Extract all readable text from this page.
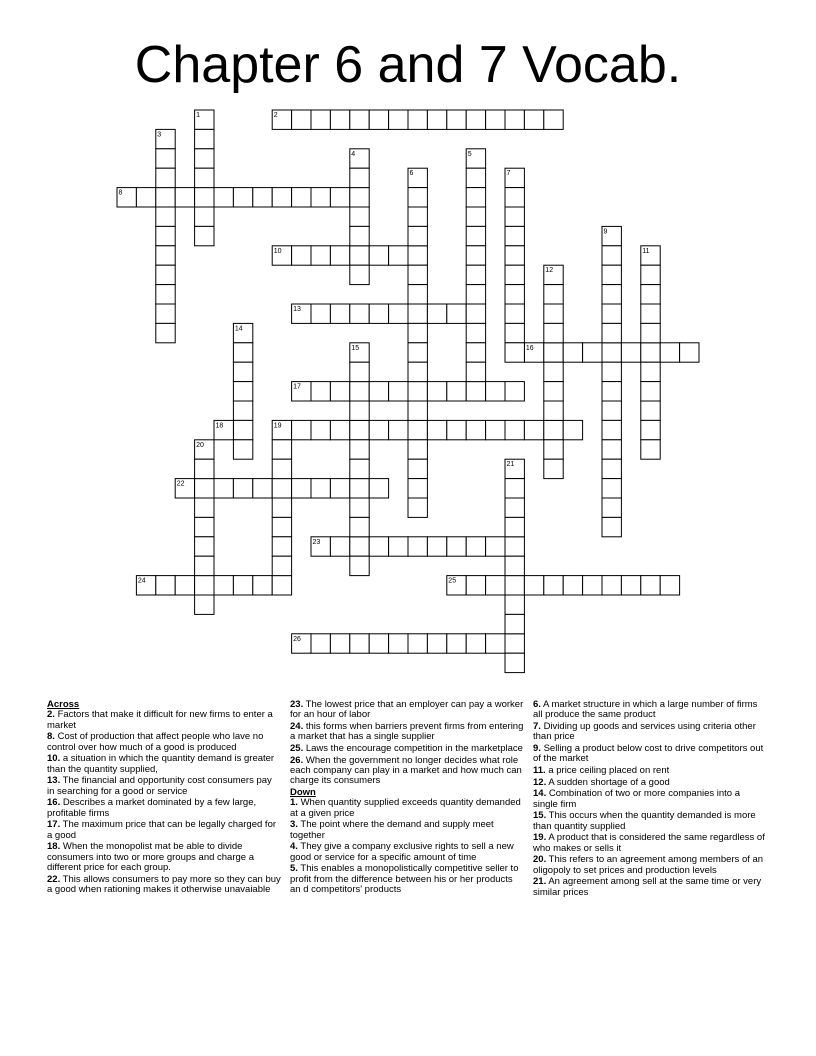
Chapter 6 and 7 Vocab.
2
8
10
13
16
17
19
22
23
24	25
26
1
3
4	5
6	7
9
11
12
14
15
18
20
21
Across
2. Factors that make it difficult for new firms to enter a market
8. Cost of production that affect people who lave no control over how much of a good is produced
10. a situation in which the quantity demand is greater than the quantity supplied,
13. The financial and opportunity cost consumers pay in searching for a good or service
16. Describes a market dominated by a few large, profitable firms
17. The maximum price that can be legally charged for a good
18. When the monopolist mat be able to divide consumers into two or more groups and charge a different price for each group.
22. This allows consumers to pay more so they can buy a good when rationing makes it otherwise unavaiable
23. The lowest price that an employer can pay a worker for an hour of labor
24. this forms when barriers prevent firms from entering a market that has a single supplier
25. Laws the encourage competition in the marketplace
26. When the government no longer decides what role each company can play in a market and how much can charge its consumers
Down
1. When quantity supplied exceeds quantity demanded at a given price
3. The point where the demand and supply meet together
4. They give a company exclusive rights to sell a new good or service for a specific amount of time
5. This enables a monopolistically competitive seller to profit from the difference between his or her products an d competitors' products
6. A market structure in which a large number of firms all produce the same product
7. Dividing up goods and services using criteria other than price
9. Selling a product below cost to drive competitors out of the market
11. a price ceiling placed on rent
12. A sudden shortage of a good
14. Combination of two or more companies into a single firm
15. This occurs when the quantity demanded is more than quantity supplied
19. A product that is considered the same regardless of who makes or sells it
20. This refers to an agreement among members of an oligopoly to set prices and production levels
21. An agreement among sell at the same time or very similar prices
